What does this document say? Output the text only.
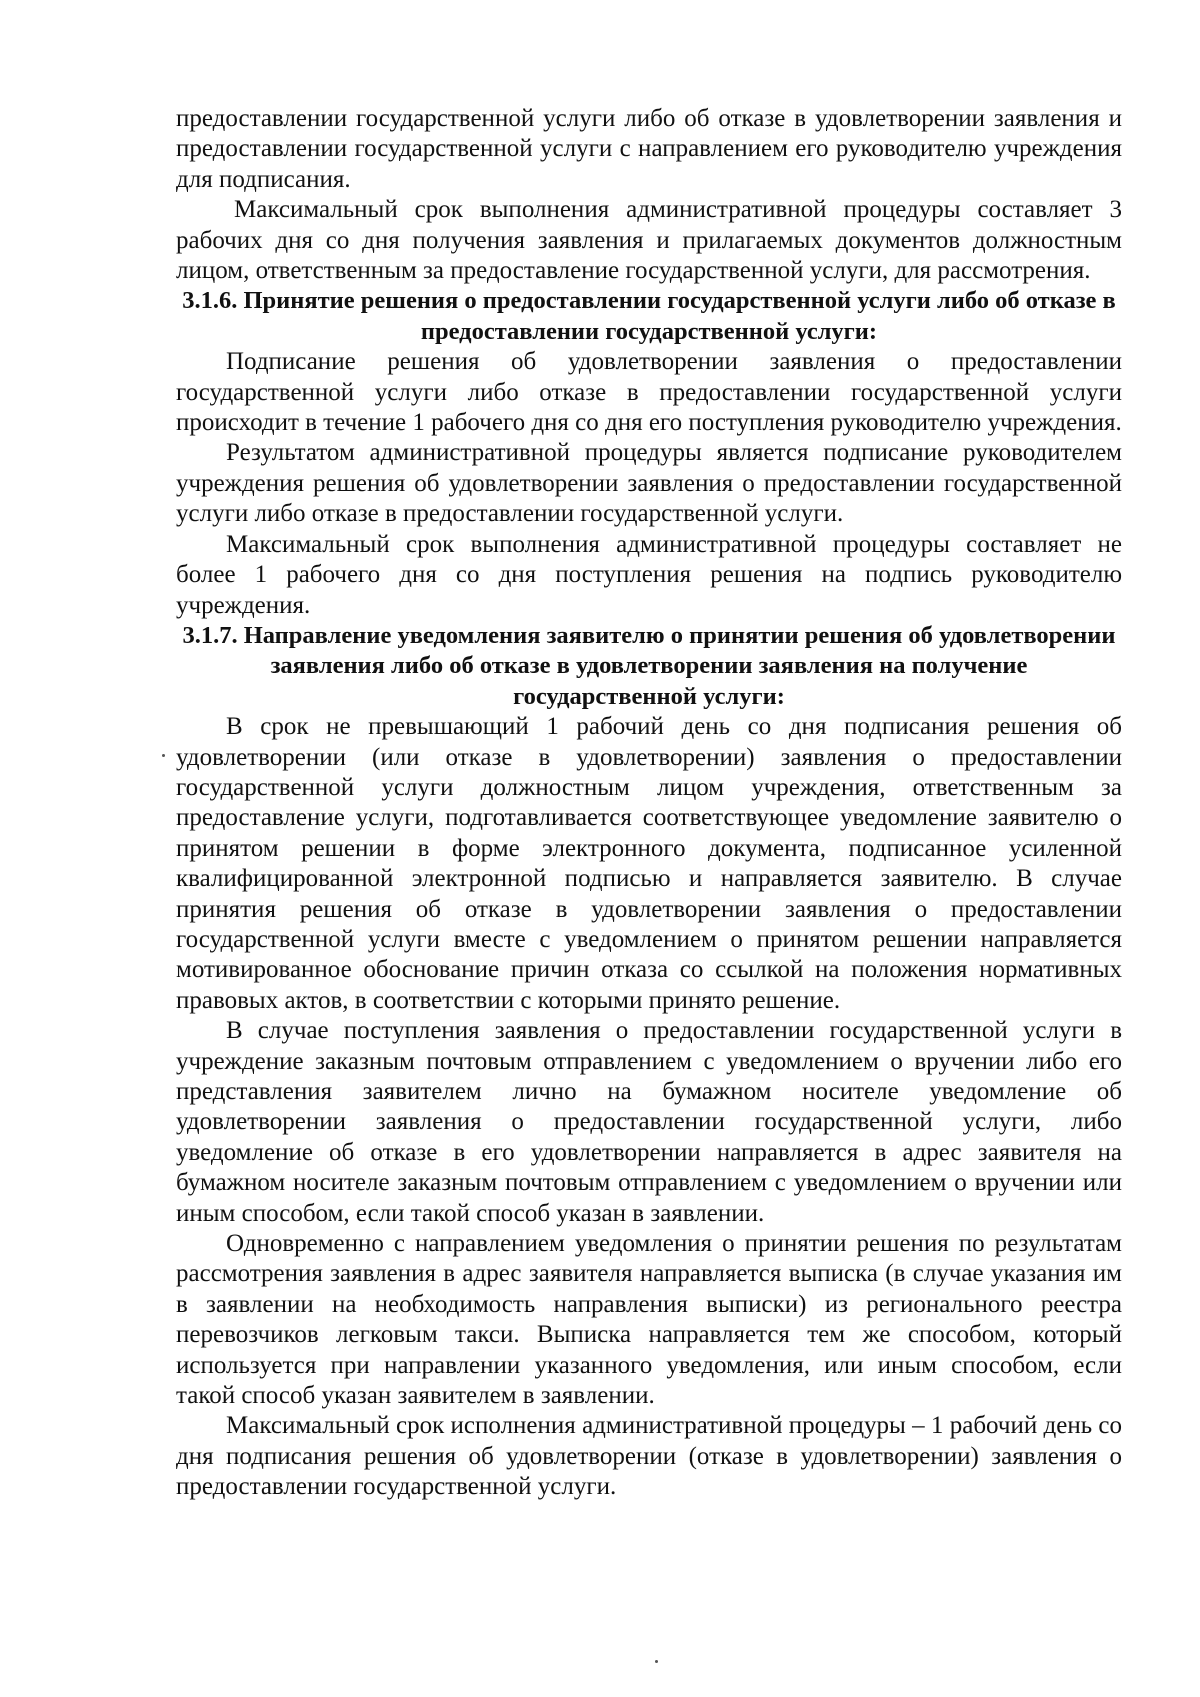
предоставлении государственной услуги либо об отказе в удовлетворении заявления и предоставлении государственной услуги с направлением его руководителю учреждения для подписания.

Максимальный срок выполнения административной процедуры составляет 3 рабочих дня со дня получения заявления и прилагаемых документов должностным лицом, ответственным за предоставление государственной услуги, для рассмотрения.

3.1.6. Принятие решения о предоставлении государственной услуги либо об отказе в предоставлении государственной услуги:

Подписание решения об удовлетворении заявления о предоставлении государственной услуги либо отказе в предоставлении государственной услуги происходит в течение 1 рабочего дня со дня его поступления руководителю учреждения.

Результатом административной процедуры является подписание руководителем учреждения решения об удовлетворении заявления о предоставлении государственной услуги либо отказе в предоставлении государственной услуги.

Максимальный срок выполнения административной процедуры составляет не более 1 рабочего дня со дня поступления решения на подпись руководителю учреждения.

3.1.7. Направление уведомления заявителю о принятии решения об удовлетворении заявления либо об отказе в удовлетворении заявления на получение государственной услуги:

В срок не превышающий 1 рабочий день со дня подписания решения об удовлетворении (или отказе в удовлетворении) заявления о предоставлении государственной услуги должностным лицом учреждения, ответственным за предоставление услуги, подготавливается соответствующее уведомление заявителю о принятом решении в форме электронного документа, подписанное усиленной квалифицированной электронной подписью и направляется заявителю. В случае принятия решения об отказе в удовлетворении заявления о предоставлении государственной услуги вместе с уведомлением о принятом решении направляется мотивированное обоснование причин отказа со ссылкой на положения нормативных правовых актов, в соответствии с которыми принято решение.

В случае поступления заявления о предоставлении государственной услуги в учреждение заказным почтовым отправлением с уведомлением о вручении либо его представления заявителем лично на бумажном носителе уведомление об удовлетворении заявления о предоставлении государственной услуги, либо уведомление об отказе в его удовлетворении направляется в адрес заявителя на бумажном носителе заказным почтовым отправлением с уведомлением о вручении или иным способом, если такой способ указан в заявлении.

Одновременно с направлением уведомления о принятии решения по результатам рассмотрения заявления в адрес заявителя направляется выписка (в случае указания им в заявлении на необходимость направления выписки) из регионального реестра перевозчиков легковым такси. Выписка направляется тем же способом, который используется при направлении указанного уведомления, или иным способом, если такой способ указан заявителем в заявлении.

Максимальный срок исполнения административной процедуры – 1 рабочий день со дня подписания решения об удовлетворении (отказе в удовлетворении) заявления о предоставлении государственной услуги.
